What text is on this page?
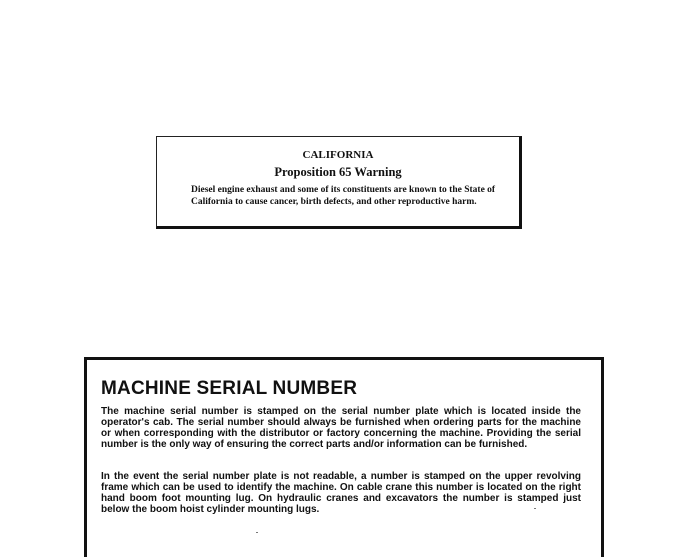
CALIFORNIA
Proposition 65 Warning
Diesel engine exhaust and some of its constituents are known to the State of California to cause cancer, birth defects, and other reproductive harm.
MACHINE SERIAL NUMBER
The machine serial number is stamped on the serial number plate which is located inside the operator's cab. The serial number should always be furnished when ordering parts for the machine or when corresponding with the distributor or factory concerning the machine. Providing the serial number is the only way of ensuring the correct parts and/or information can be furnished.
In the event the serial number plate is not readable, a number is stamped on the upper revolving frame which can be used to identify the machine. On cable crane this number is located on the right hand boom foot mounting lug. On hydraulic cranes and excavators the number is stamped just below the boom hoist cylinder mounting lugs.
